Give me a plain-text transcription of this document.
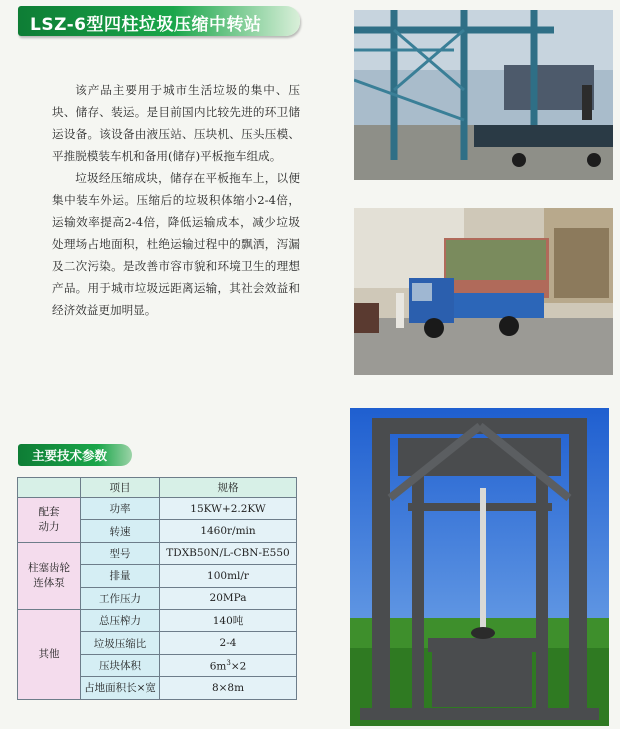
LSZ-6型四柱垃圾压缩中转站

该产品主要用于城市生活垃圾的集中、压块、储存、装运。是目前国内比较先进的环卫储运设备。该设备由液压站、压块机、压头压模、平推脱模装车机和备用(储存)平板拖车组成。

垃圾经压缩成块，储存在平板拖车上，以便集中装车外运。压缩后的垃圾积体缩小2-4倍，运输效率提高2-4倍，降低运输成本，减少垃圾处理场占地面积，杜绝运输过程中的飘洒，泻漏及二次污染。是改善市容市貌和环境卫生的理想产品。用于城市垃圾远距离运输，其社会效益和经济效益更加明显。

主要技术参数
	项目	规格
配套
动力	功率	15KW+2.2KW
	转速	1460r/min
柱塞齿轮
连体泵	型号	TDXB50N/L-CBN-E550
	排量	100ml/r
	工作压力	20MPa
其他	总压榨力	140吨
	垃圾压缩比	2-4
	压块体积	$6m^3\times 2$
	占地面积长×宽	8×8m
